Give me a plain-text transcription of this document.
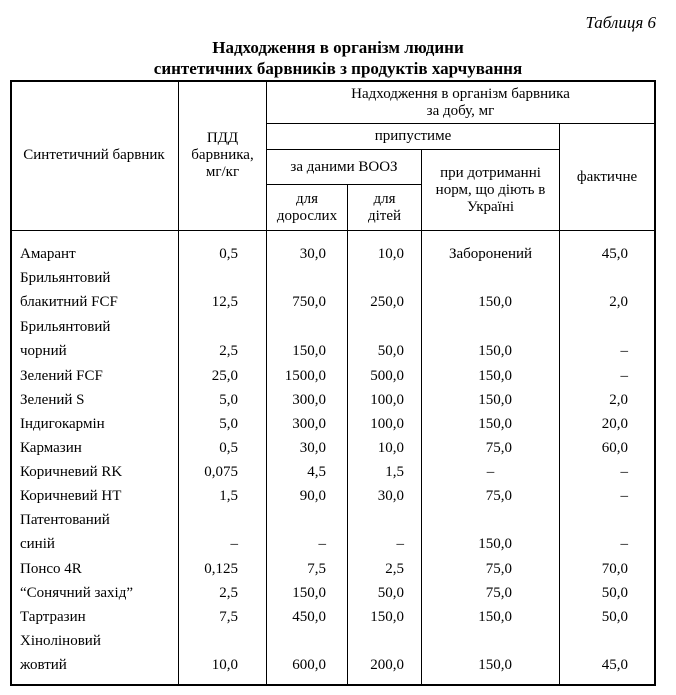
Таблиця 6
Надходження в організм людини
синтетичних барвників з продуктів харчування
Синтетичний барвник
ПДД барвника, мг/кг
Надходження в організм барвника за добу, мг
припустиме
за даними ВООЗ
для дорослих
для дітей
при дотриманні норм, що діють в Україні
фактичне
Амарант	0,5	30,0	10,0	Заборонений	45,0
Брильянтовий
блакитний FCF	12,5	750,0	250,0	150,0	2,0
Брильянтовий
чорний	2,5	150,0	50,0	150,0	–
Зелений FCF	25,0	1500,0	500,0	150,0	–
Зелений S	5,0	300,0	100,0	150,0	2,0
Індигокармін	5,0	300,0	100,0	150,0	20,0
Кармазин	0,5	30,0	10,0	75,0	60,0
Коричневий RK	0,075	4,5	1,5	–	–
Коричневий HT	1,5	90,0	30,0	75,0	–
Патентований
синій	–	–	–	150,0	–
Понсо 4R	0,125	7,5	2,5	75,0	70,0
“Сонячний захід”	2,5	150,0	50,0	75,0	50,0
Тартразин	7,5	450,0	150,0	150,0	50,0
Хінoліновий
жовтий	10,0	600,0	200,0	150,0	45,0
